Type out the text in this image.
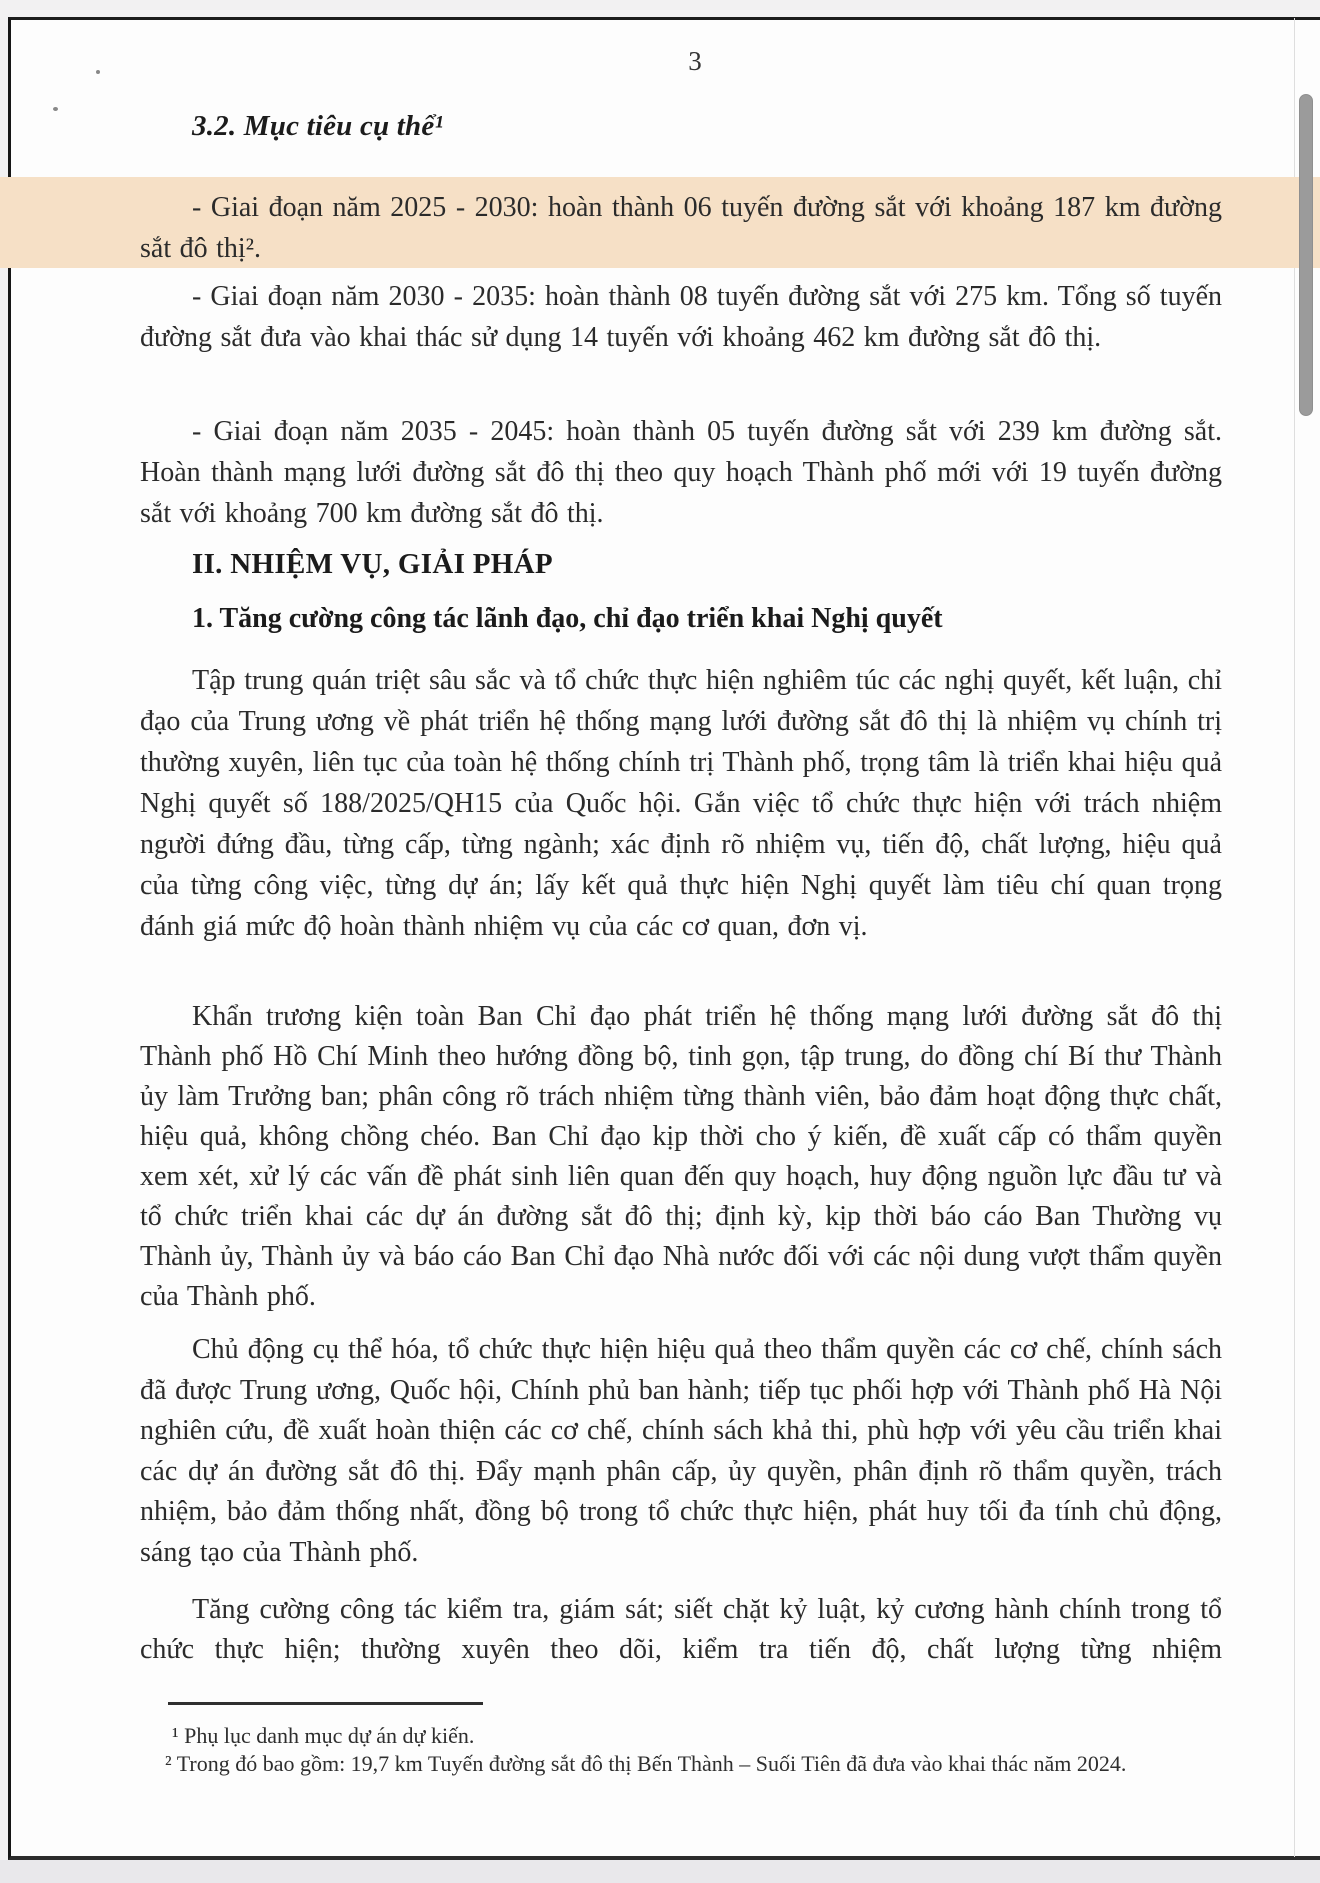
3
3.2. Mục tiêu cụ thể¹
- Giai đoạn năm 2025 - 2030: hoàn thành 06 tuyến đường sắt với khoảng 187 km đường sắt đô thị².
- Giai đoạn năm 2030 - 2035: hoàn thành 08 tuyến đường sắt với 275 km. Tổng số tuyến đường sắt đưa vào khai thác sử dụng 14 tuyến với khoảng 462 km đường sắt đô thị.
- Giai đoạn năm 2035 - 2045: hoàn thành 05 tuyến đường sắt với 239 km đường sắt. Hoàn thành mạng lưới đường sắt đô thị theo quy hoạch Thành phố mới với 19 tuyến đường sắt với khoảng 700 km đường sắt đô thị.
II. NHIỆM VỤ, GIẢI PHÁP
1. Tăng cường công tác lãnh đạo, chỉ đạo triển khai Nghị quyết
Tập trung quán triệt sâu sắc và tổ chức thực hiện nghiêm túc các nghị quyết, kết luận, chỉ đạo của Trung ương về phát triển hệ thống mạng lưới đường sắt đô thị là nhiệm vụ chính trị thường xuyên, liên tục của toàn hệ thống chính trị Thành phố, trọng tâm là triển khai hiệu quả Nghị quyết số 188/2025/QH15 của Quốc hội. Gắn việc tổ chức thực hiện với trách nhiệm người đứng đầu, từng cấp, từng ngành; xác định rõ nhiệm vụ, tiến độ, chất lượng, hiệu quả của từng công việc, từng dự án; lấy kết quả thực hiện Nghị quyết làm tiêu chí quan trọng đánh giá mức độ hoàn thành nhiệm vụ của các cơ quan, đơn vị.
Khẩn trương kiện toàn Ban Chỉ đạo phát triển hệ thống mạng lưới đường sắt đô thị Thành phố Hồ Chí Minh theo hướng đồng bộ, tinh gọn, tập trung, do đồng chí Bí thư Thành ủy làm Trưởng ban; phân công rõ trách nhiệm từng thành viên, bảo đảm hoạt động thực chất, hiệu quả, không chồng chéo. Ban Chỉ đạo kịp thời cho ý kiến, đề xuất cấp có thẩm quyền xem xét, xử lý các vấn đề phát sinh liên quan đến quy hoạch, huy động nguồn lực đầu tư và tổ chức triển khai các dự án đường sắt đô thị; định kỳ, kịp thời báo cáo Ban Thường vụ Thành ủy, Thành ủy và báo cáo Ban Chỉ đạo Nhà nước đối với các nội dung vượt thẩm quyền của Thành phố.
Chủ động cụ thể hóa, tổ chức thực hiện hiệu quả theo thẩm quyền các cơ chế, chính sách đã được Trung ương, Quốc hội, Chính phủ ban hành; tiếp tục phối hợp với Thành phố Hà Nội nghiên cứu, đề xuất hoàn thiện các cơ chế, chính sách khả thi, phù hợp với yêu cầu triển khai các dự án đường sắt đô thị. Đẩy mạnh phân cấp, ủy quyền, phân định rõ thẩm quyền, trách nhiệm, bảo đảm thống nhất, đồng bộ trong tổ chức thực hiện, phát huy tối đa tính chủ động, sáng tạo của Thành phố.
Tăng cường công tác kiểm tra, giám sát; siết chặt kỷ luật, kỷ cương hành chính trong tổ chức thực hiện; thường xuyên theo dõi, kiểm tra tiến độ, chất lượng từng nhiệm
¹ Phụ lục danh mục dự án dự kiến.
² Trong đó bao gồm: 19,7 km Tuyến đường sắt đô thị Bến Thành – Suối Tiên đã đưa vào khai thác năm 2024.
